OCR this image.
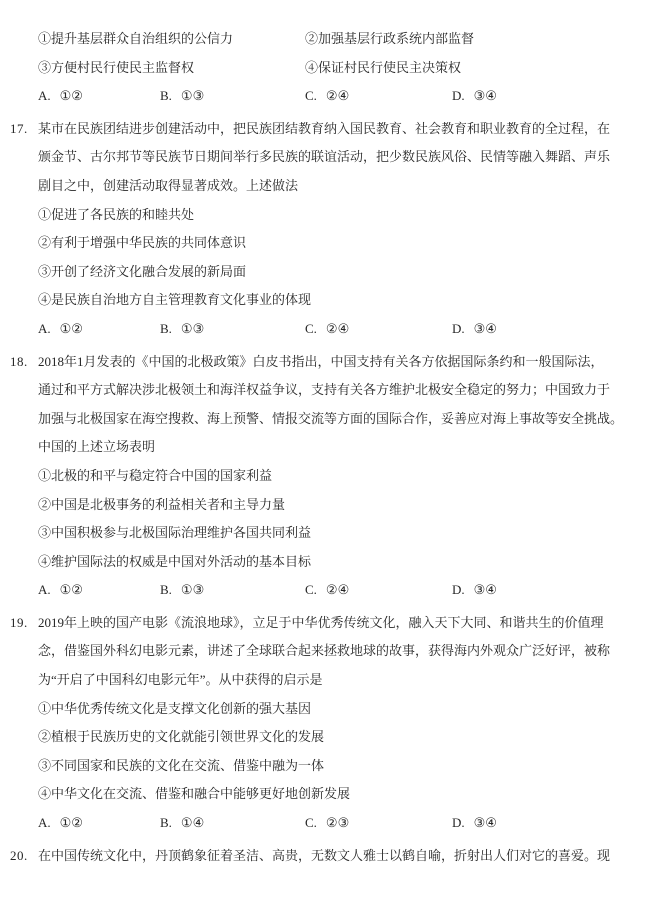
①提升基层群众自治组织的公信力	②加强基层行政系统内部监督
③方便村民行使民主监督权	④保证村民行使民主决策权
A. ①②	B. ①③	C. ②④	D. ③④
17. 某市在民族团结进步创建活动中，把民族团结教育纳入国民教育、社会教育和职业教育的全过程，在
颁金节、古尔邦节等民族节日期间举行多民族的联谊活动，把少数民族风俗、民情等融入舞蹈、声乐
剧目之中，创建活动取得显著成效。上述做法
①促进了各民族的和睦共处
②有利于增强中华民族的共同体意识
③开创了经济文化融合发展的新局面
④是民族自治地方自主管理教育文化事业的体现
A. ①②	B. ①③	C. ②④	D. ③④
18. 2018年1月发表的《中国的北极政策》白皮书指出，中国支持有关各方依据国际条约和一般国际法，
通过和平方式解决涉北极领土和海洋权益争议，支持有关各方维护北极安全稳定的努力；中国致力于
加强与北极国家在海空搜救、海上预警、情报交流等方面的国际合作，妥善应对海上事故等安全挑战。
中国的上述立场表明
①北极的和平与稳定符合中国的国家利益
②中国是北极事务的利益相关者和主导力量
③中国积极参与北极国际治理维护各国共同利益
④维护国际法的权威是中国对外活动的基本目标
A. ①②	B. ①③	C. ②④	D. ③④
19. 2019年上映的国产电影《流浪地球》，立足于中华优秀传统文化，融入天下大同、和谐共生的价值理
念，借鉴国外科幻电影元素，讲述了全球联合起来拯救地球的故事，获得海内外观众广泛好评，被称
为“开启了中国科幻电影元年”。从中获得的启示是
①中华优秀传统文化是支撑文化创新的强大基因
②植根于民族历史的文化就能引领世界文化的发展
③不同国家和民族的文化在交流、借鉴中融为一体
④中华文化在交流、借鉴和融合中能够更好地创新发展
A. ①②	B. ①④	C. ②③	D. ③④
20. 在中国传统文化中，丹顶鹤象征着圣洁、高贵，无数文人雅士以鹤自喻，折射出人们对它的喜爱。现
